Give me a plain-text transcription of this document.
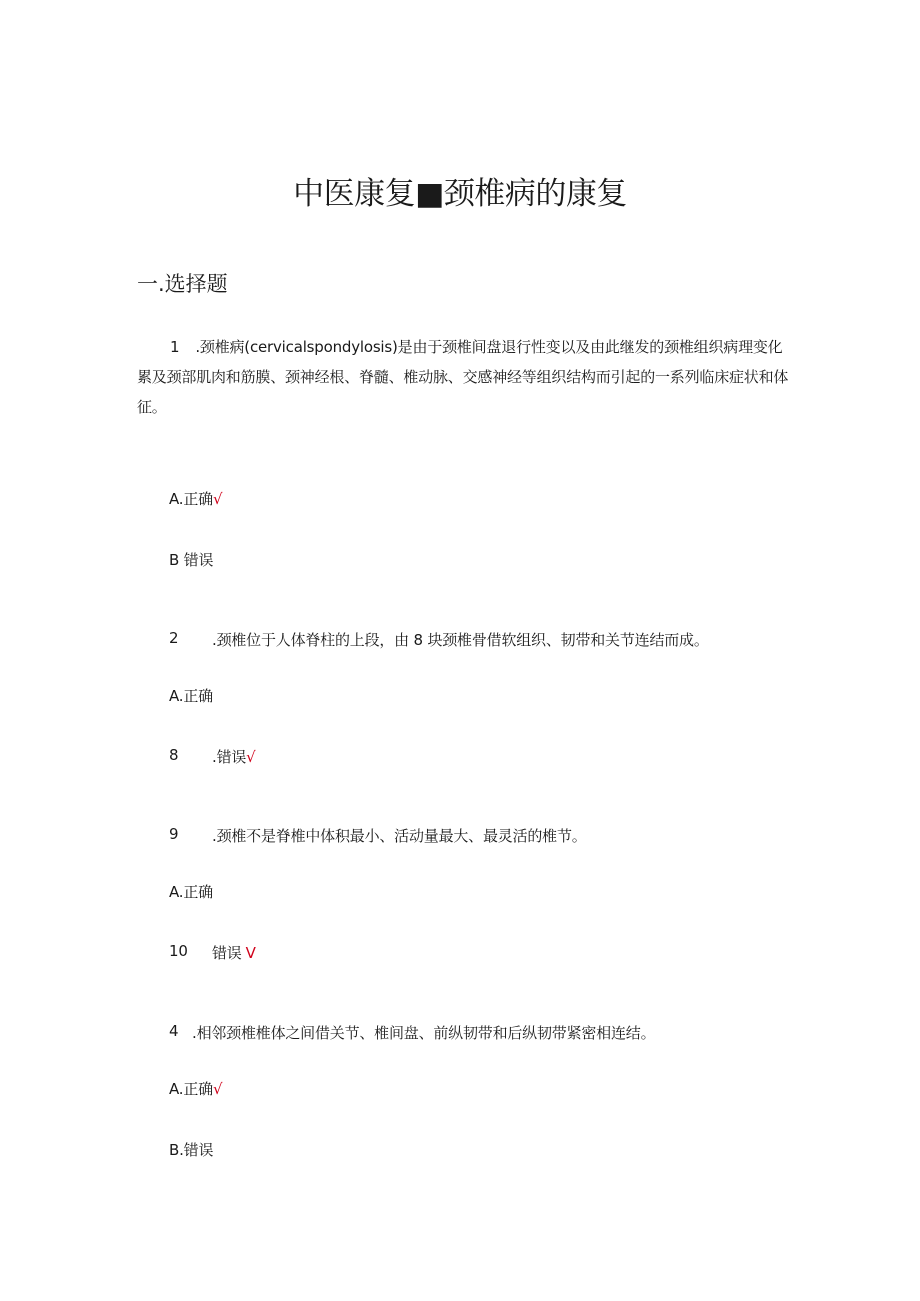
中医康复■颈椎病的康复
一.选择题
1 .颈椎病(cervicalspondylosis)是由于颈椎间盘退行性变以及由此继发的颈椎组织病理变化累及颈部肌肉和筋膜、颈神经根、脊髓、椎动脉、交感神经等组织结构而引起的一系列临床症状和体征。
A.正确√
B 错误
2 .颈椎位于人体脊柱的上段，由 8 块颈椎骨借软组织、韧带和关节连结而成。
A.正确
8 .错误√
9 .颈椎不是脊椎中体积最小、活动量最大、最灵活的椎节。
A.正确
10 错误 V
4 .相邻颈椎椎体之间借关节、椎间盘、前纵韧带和后纵韧带紧密相连结。
A.正确√
B.错误
